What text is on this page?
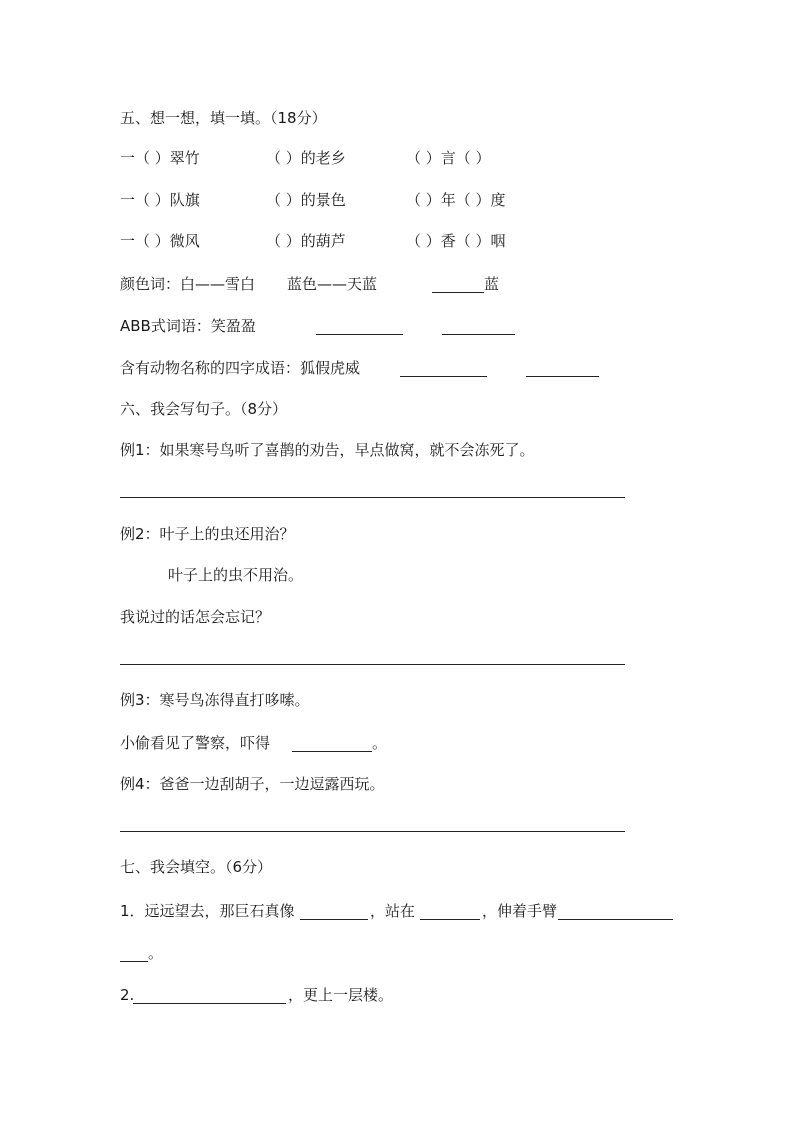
五、想一想，填一填。（18分）
一（ ）翠竹	（ ）的老乡	（ ）言（ ）
一（ ）队旗	（ ）的景色	（ ）年（ ）度
一（ ）微风	（ ）的葫芦	（ ）香（ ）咽
颜色词：白——雪白 蓝色——天蓝	蓝
ABB式词语：笑盈盈
含有动物名称的四字成语：狐假虎威
六、我会写句子。（8分）
例1：如果寒号鸟听了喜鹊的劝告，早点做窝，就不会冻死了。
例2：叶子上的虫还用治？
叶子上的虫不用治。
我说过的话怎会忘记？
例3：寒号鸟冻得直打哆嗦。
小偷看见了警察，吓得	。
例4：爸爸一边刮胡子，一边逗露西玩。
七、我会填空。（6分）
1．远远望去，那巨石真像	，站在	，伸着手臂
。
2.	，更上一层楼。
